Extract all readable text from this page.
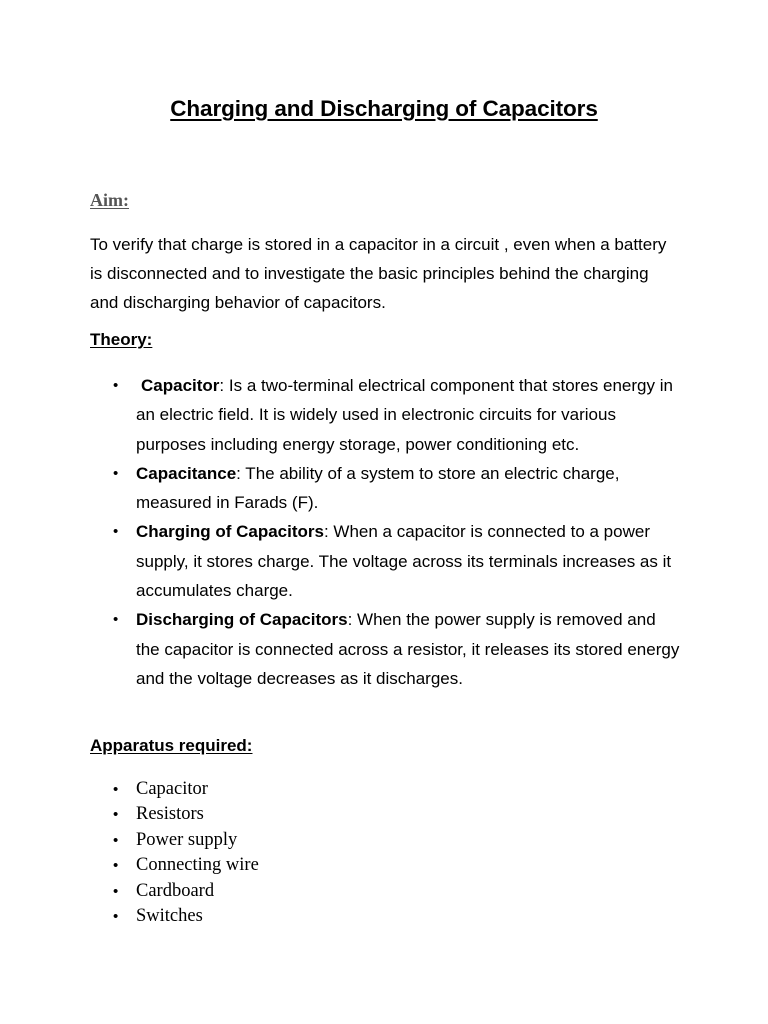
Charging and Discharging of Capacitors
Aim:

To verify that charge is stored in a capacitor in a circuit , even when a battery is disconnected and to investigate the basic principles behind the charging and discharging behavior of capacitors.

Theory:
• Capacitor: Is a two-terminal electrical component that stores energy in an electric field. It is widely used in electronic circuits for various purposes including energy storage, power conditioning etc.
• Capacitance: The ability of a system to store an electric charge, measured in Farads (F).
• Charging of Capacitors: When a capacitor is connected to a power supply, it stores charge. The voltage across its terminals increases as it accumulates charge.
• Discharging of Capacitors: When the power supply is removed and the capacitor is connected across a resistor, it releases its stored energy and the voltage decreases as it discharges.
Apparatus required:
• Capacitor
• Resistors
• Power supply
• Connecting wire
• Cardboard
• Switches
